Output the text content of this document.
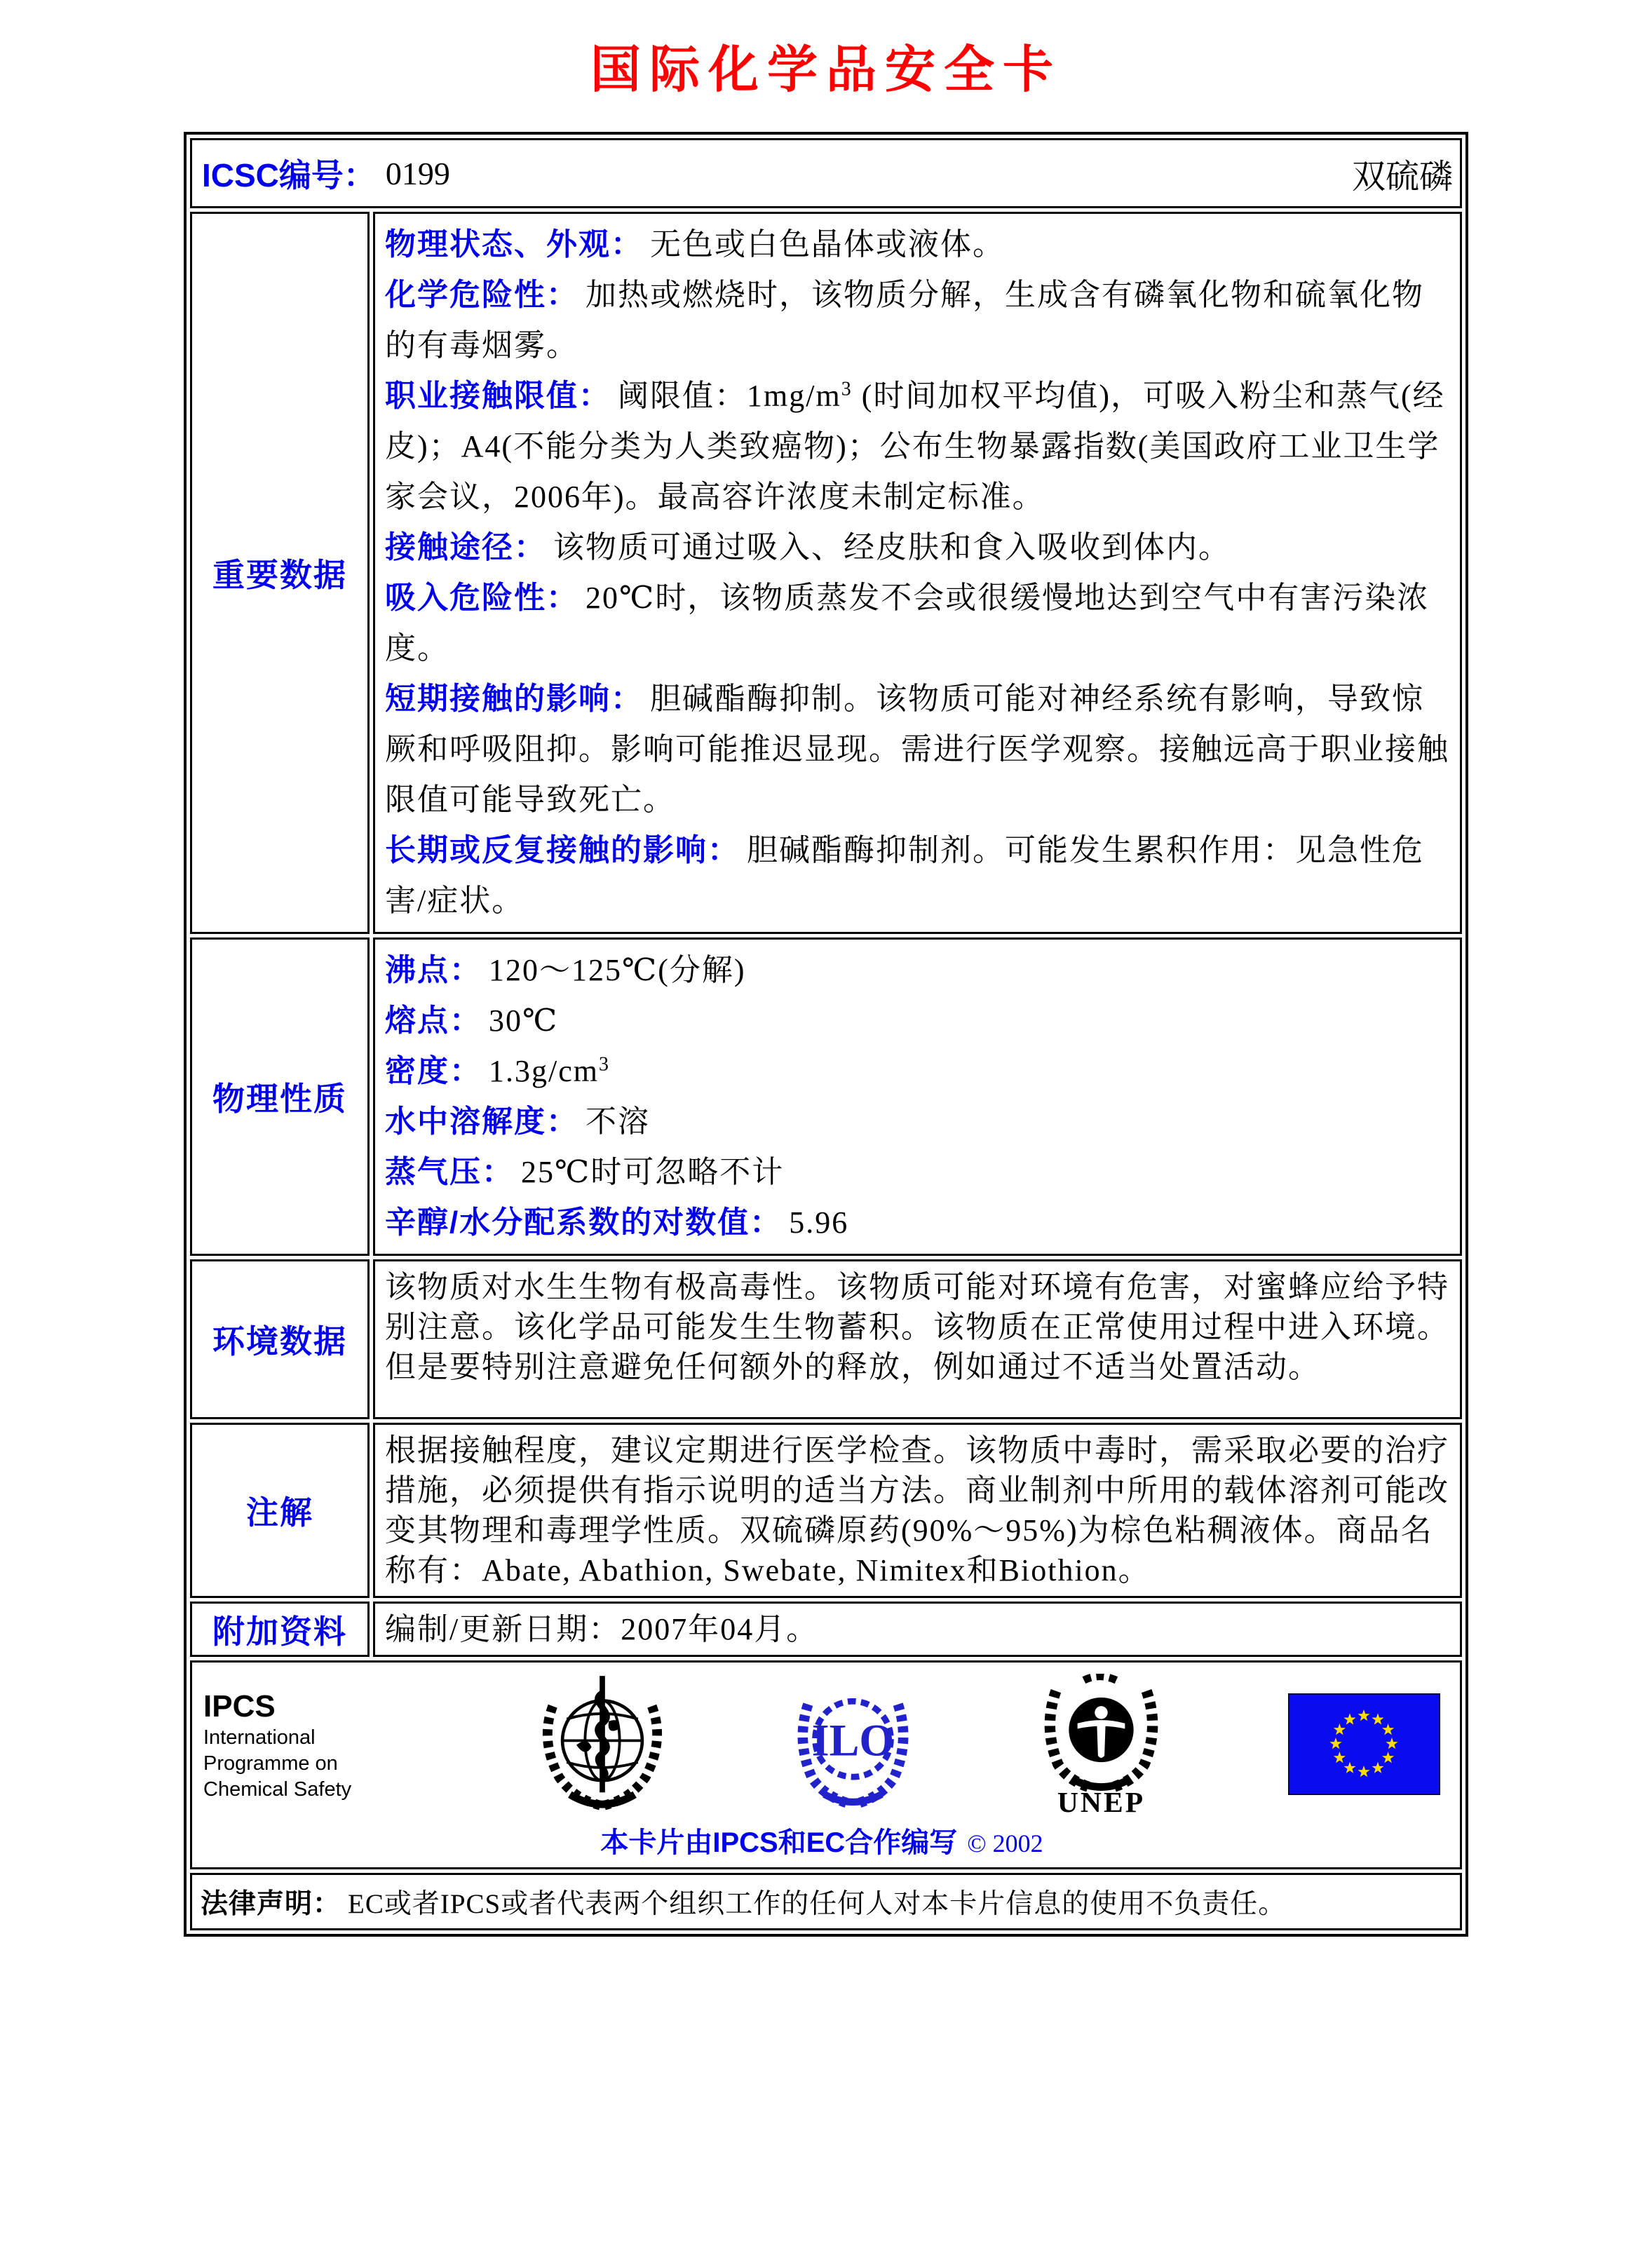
国际化学品安全卡
ICSC编号： 0199	双硫磷
重要数据

物理状态、外观： 无色或白色晶体或液体。

化学危险性： 加热或燃烧时，该物质分解，生成含有磷氧化物和硫氧化物的有毒烟雾。

职业接触限值： 阈限值：$1mg/m^3$ (时间加权平均值)，可吸入粉尘和蒸气(经皮)；A4(不能分类为人类致癌物)；公布生物暴露指数(美国政府工业卫生学家会议，2006年)。最高容许浓度未制定标准。

接触途径： 该物质可通过吸入、经皮肤和食入吸收到体内。

吸入危险性： 20℃时，该物质蒸发不会或很缓慢地达到空气中有害污染浓度。

短期接触的影响： 胆碱酯酶抑制。该物质可能对神经系统有影响，导致惊厥和呼吸阻抑。影响可能推迟显现。需进行医学观察。接触远高于职业接触限值可能导致死亡。

长期或反复接触的影响： 胆碱酯酶抑制剂。可能发生累积作用：见急性危害/症状。

物理性质

沸点： 120～125℃(分解)

熔点： 30℃

密度： $1.3g/cm^3$

水中溶解度： 不溶

蒸气压： 25℃时可忽略不计

辛醇/水分配系数的对数值： 5.96

环境数据

该物质对水生生物有极高毒性。该物质可能对环境有危害，对蜜蜂应给予特别注意。该化学品可能发生生物蓄积。该物质在正常使用过程中进入环境。但是要特别注意避免任何额外的释放，例如通过不适当处置活动。

注解

根据接触程度，建议定期进行医学检查。该物质中毒时，需采取必要的治疗措施，必须提供有指示说明的适当方法。商业制剂中所用的载体溶剂可能改变其物理和毒理学性质。双硫磷原药(90%～95%)为棕色粘稠液体。商品名称有：Abate, Abathion, Swebate, Nimitex和Biothion。

附加资料	编制/更新日期：2007年04月。

IPCS
International
Programme on
Chemical Safety
ILO
UNEP
本卡片由IPCS和EC合作编写 © 2002
法律声明： EC或者IPCS或者代表两个组织工作的任何人对本卡片信息的使用不负责任。
